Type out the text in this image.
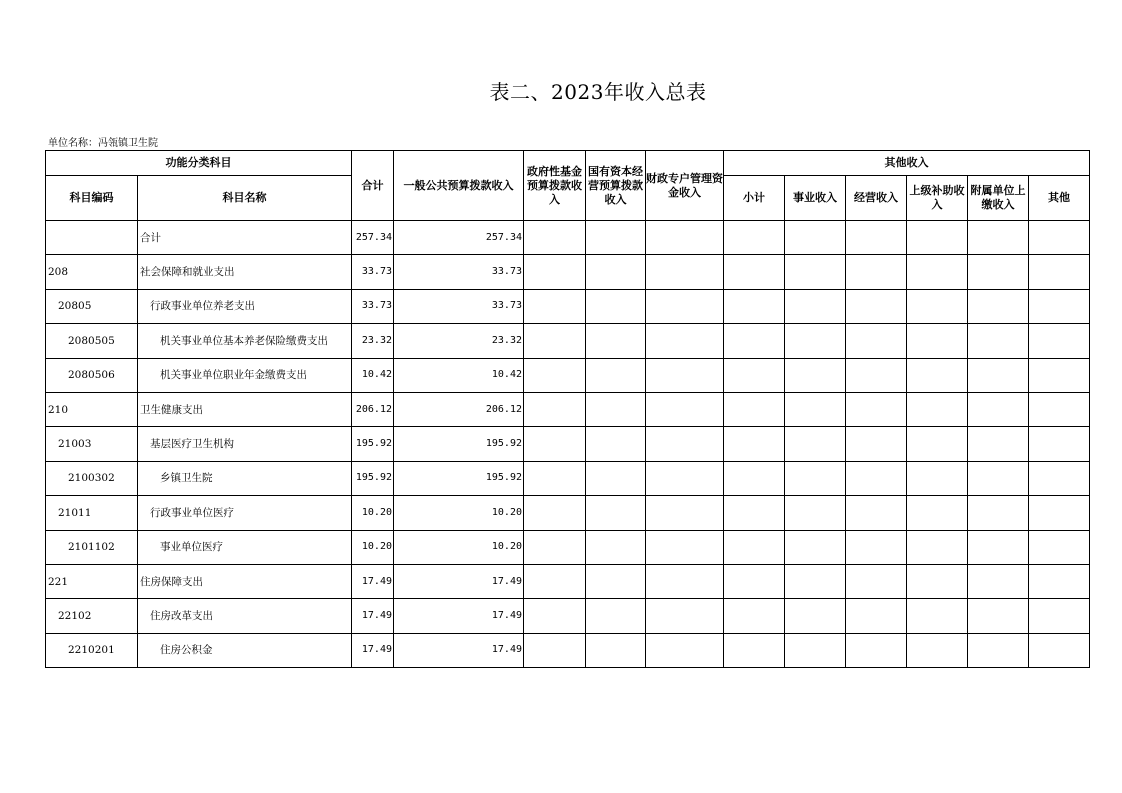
表二、2023年收入总表
单位名称：冯瓴镇卫生院
功能分类科目		合计	一般公共预算拨款收入	政府性基金预算拨款收入	国有资本经营预算拨款收入	财政专户管理资金收入	其他收入					
科目编码	科目名称						小计	事业收入	经营收入	上级补助收入	附属单位上缴收入	其他
	合计	257.34	257.34									
208	社会保障和就业支出	33.73	33.73									
20805	行政事业单位养老支出	33.73	33.73									
2080505	机关事业单位基本养老保险缴费支出	23.32	23.32									
2080506	机关事业单位职业年金缴费支出	10.42	10.42									
210	卫生健康支出	206.12	206.12									
21003	基层医疗卫生机构	195.92	195.92									
2100302	乡镇卫生院	195.92	195.92									
21011	行政事业单位医疗	10.20	10.20									
2101102	事业单位医疗	10.20	10.20									
221	住房保障支出	17.49	17.49									
22102	住房改革支出	17.49	17.49									
2210201	住房公积金	17.49	17.49									
